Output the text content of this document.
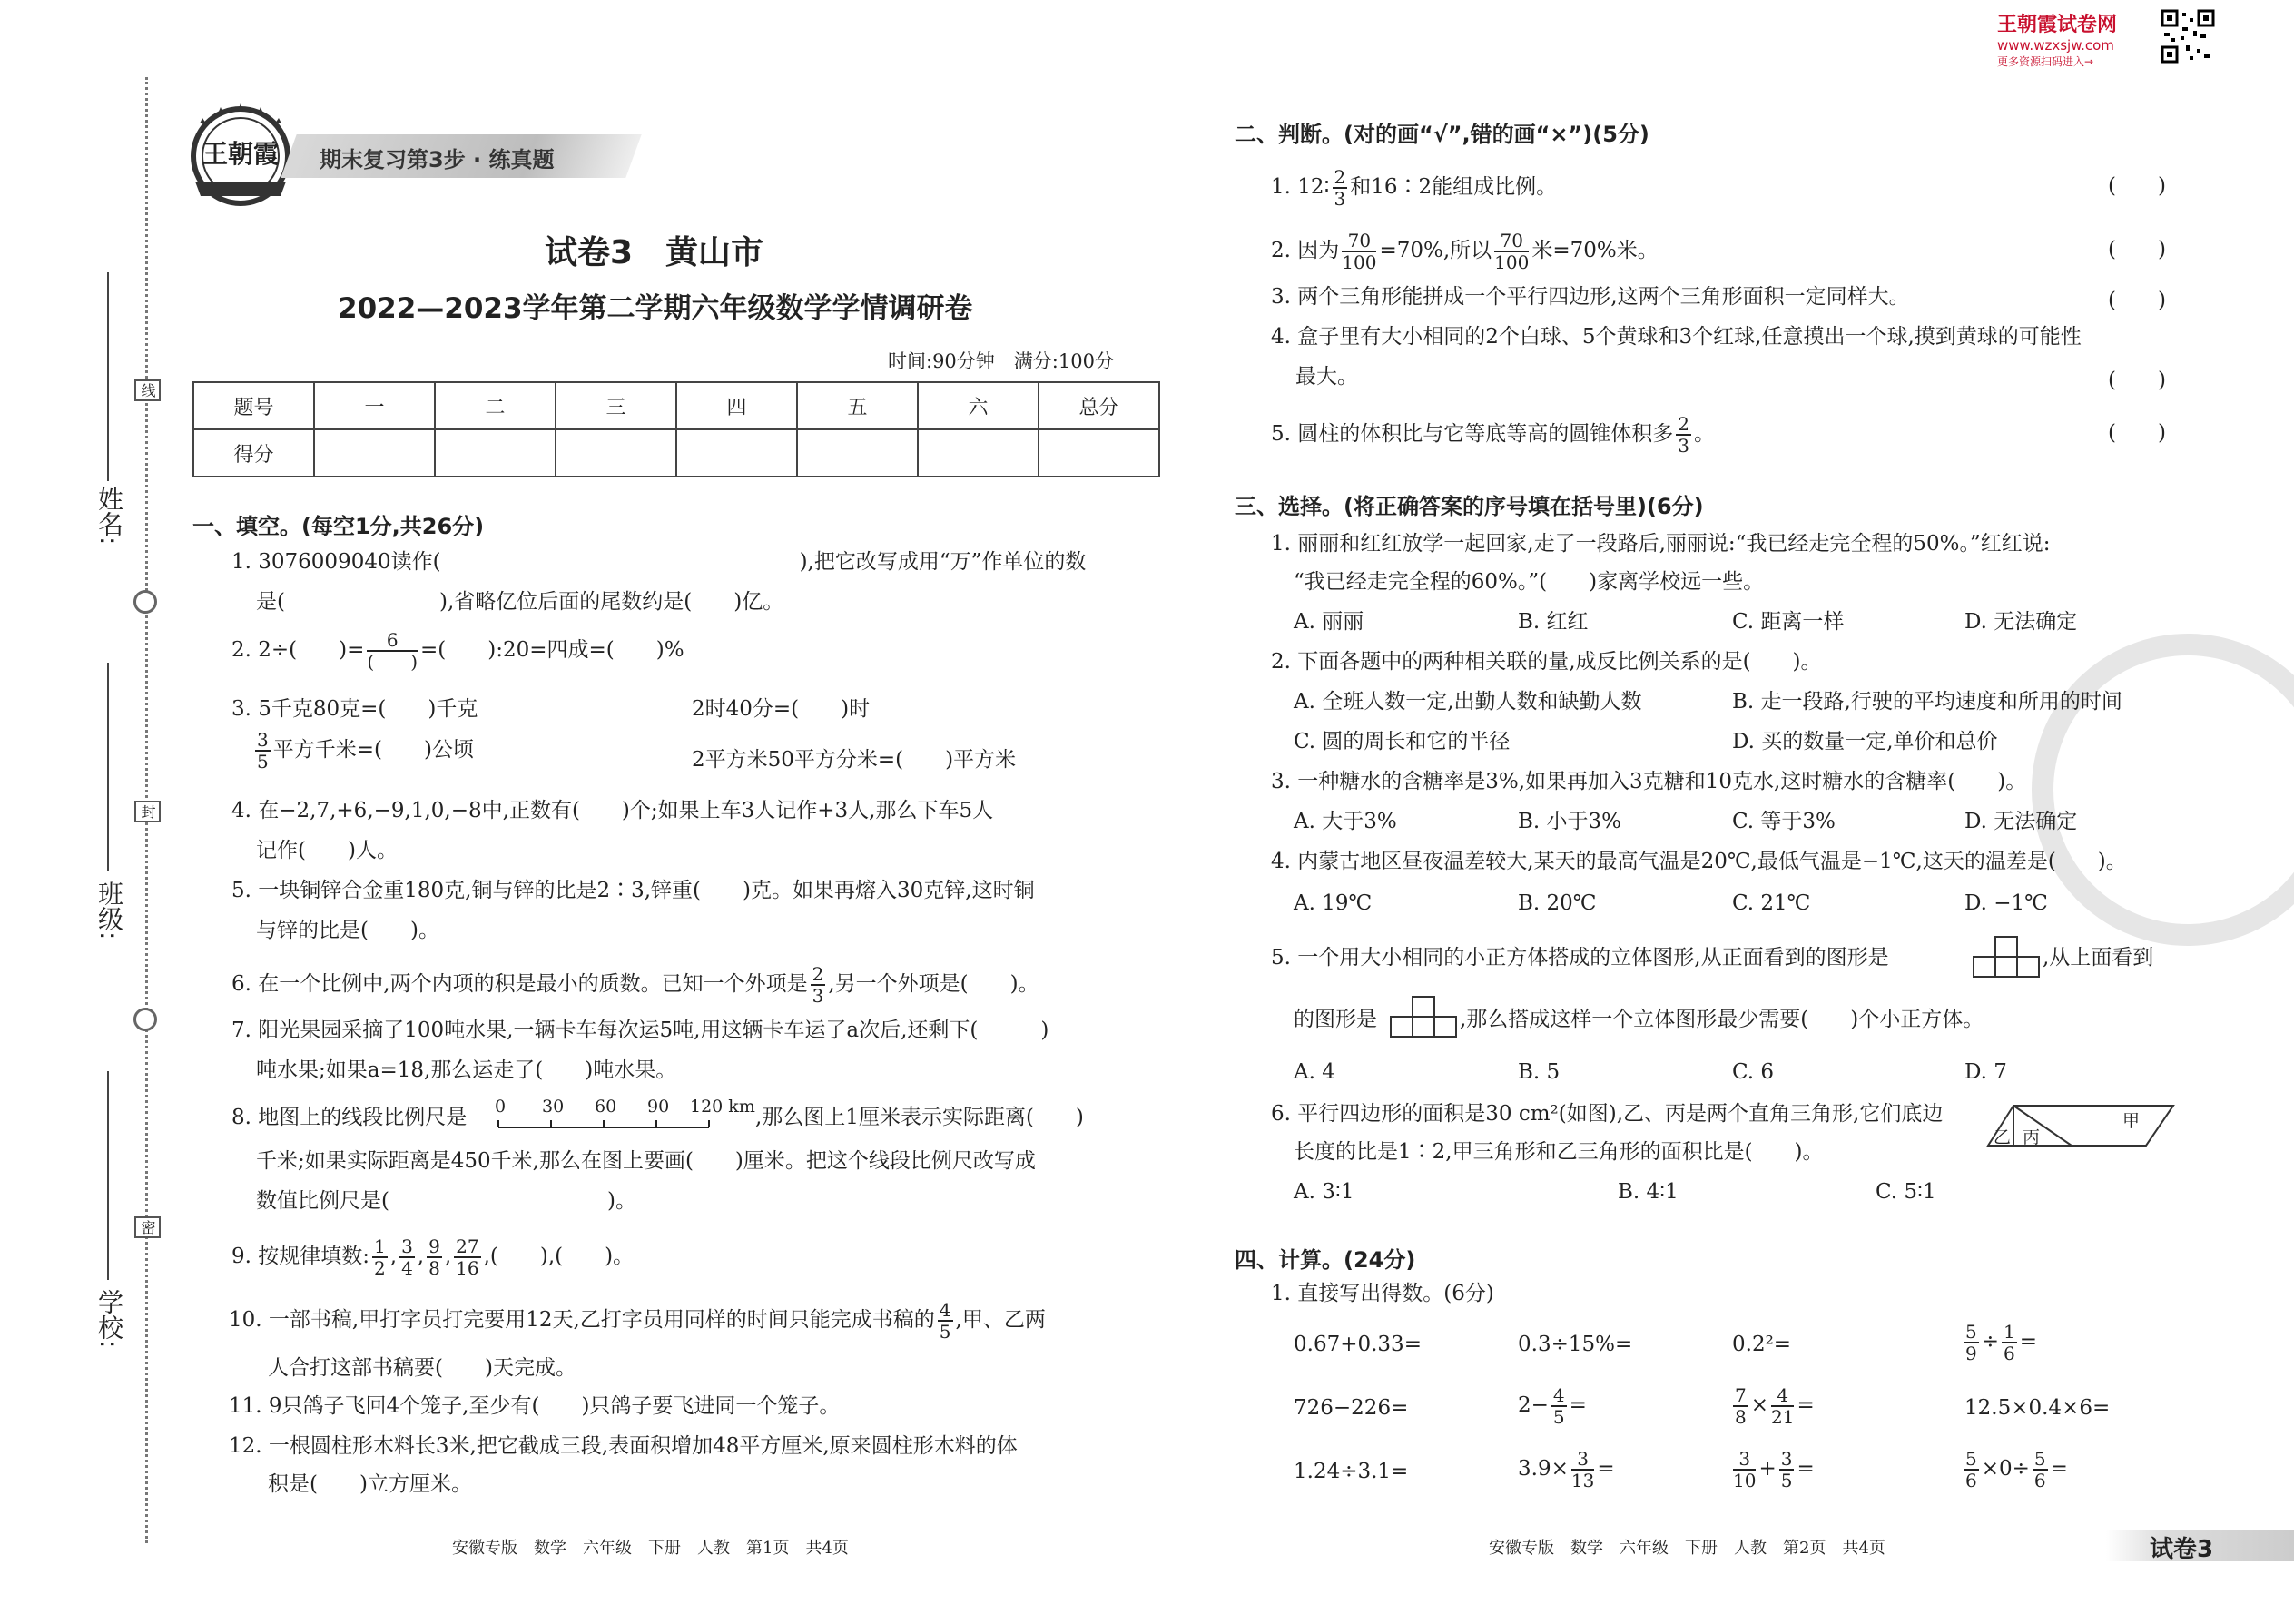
线
封
密
姓名:
班级:
学校:
王朝霞 期末复习第3步 · 练真题
试卷3　黄山市
2022—2023学年第二学期六年级数学学情调研卷
时间:90分钟　满分:100分
题号	一	二	三	四	五	六	总分
得分							
一、填空。(每空1分,共26分)
1. 3076009040读作(	),把它改写成用“万”作单位的数
是(	),省略亿位后面的尾数约是(　　)亿。
2. 2÷(　　)= $\frac{6}{( )}$ =(　　):20=四成=(　　)%
3. 5千克80克=(　　)千克	2时40分=(　　)时
$\frac{3}{5}$ 平方千米=(　　)公顷	2平方米50平方分米=(　　)平方米
4. 在−2,7,+6,−9,1,0,−8中,正数有(　　)个;如果上车3人记作+3人,那么下车5人
记作(　　)人。
5. 一块铜锌合金重180克,铜与锌的比是2∶3,锌重(　　)克。如果再熔入30克锌,这时铜
与锌的比是(　　)。
6. 在一个比例中,两个内项的积是最小的质数。已知一个外项是 $\frac{2}{3}$ ,另一个外项是(　　)。
7. 阳光果园采摘了100吨水果,一辆卡车每次运5吨,用这辆卡车运了a次后,还剩下(　　　)
吨水果;如果a=18,那么运走了(　　)吨水果。
8. 地图上的线段比例尺是 0 30 60 90 120 km ,那么图上1厘米表示实际距离(　　)
千米;如果实际距离是450千米,那么在图上要画(　　)厘米。把这个线段比例尺改写成
数值比例尺是(	)。
9. 按规律填数: $\frac{1}{2}$ , $\frac{3}{4}$ , $\frac{9}{8}$ , $\frac{27}{16}$ ,(　　),(　　)。
10. 一部书稿,甲打字员打完要用12天,乙打字员用同样的时间只能完成书稿的 $\frac{4}{5}$ ,甲、乙两
人合打这部书稿要(　　)天完成。
11. 9只鸽子飞回4个笼子,至少有(　　)只鸽子要飞进同一个笼子。
12. 一根圆柱形木料长3米,把它截成三段,表面积增加48平方厘米,原来圆柱形木料的体
积是(　　)立方厘米。
安徽专版　数学　六年级　下册　人教　第1页　共4页
王朝霞试卷网
www.wzxsjw.com
更多资源扫码进入→
二、判断。(对的画“√”,错的画“×”)(5分)
1. 12∶ $\frac{2}{3}$ 和16∶2能组成比例。	(　　)
2. 因为 $\frac{70}{100} =70\%$,所以 $\frac{70}{100}$ 米=70%米。	(　　)
3. 两个三角形能拼成一个平行四边形,这两个三角形面积一定同样大。	(　　)
4. 盒子里有大小相同的2个白球、5个黄球和3个红球,任意摸出一个球,摸到黄球的可能性
最大。	(　　)
5. 圆柱的体积比与它等底等高的圆锥体积多 $\frac{2}{3}$ 。	(　　)
三、选择。(将正确答案的序号填在括号里)(6分)
1. 丽丽和红红放学一起回家,走了一段路后,丽丽说:“我已经走完全程的50%。”红红说:
“我已经走完全程的60%。”(　　)家离学校远一些。
A. 丽丽	B. 红红	C. 距离一样	D. 无法确定
2. 下面各题中的两种相关联的量,成反比例关系的是(　　)。
A. 全班人数一定,出勤人数和缺勤人数	B. 走一段路,行驶的平均速度和所用的时间
C. 圆的周长和它的半径	D. 买的数量一定,单价和总价
3. 一种糖水的含糖率是3%,如果再加入3克糖和10克水,这时糖水的含糖率(　　)。
A. 大于3%	B. 小于3%	C. 等于3%	D. 无法确定
4. 内蒙古地区昼夜温差较大,某天的最高气温是20℃,最低气温是−1℃,这天的温差是(　　)。
A. 19℃	B. 20℃	C. 21℃	D. −1℃
5. 一个用大小相同的小正方体搭成的立体图形,从正面看到的图形是	,从上面看到
的图形是	,那么搭成这样一个立体图形最少需要(　　)个小正方体。
A. 4	B. 5	C. 6	D. 7
6. 平行四边形的面积是30 cm²(如图),乙、丙是两个直角三角形,它们底边
长度的比是1∶2,甲三角形和乙三角形的面积比是(　　)。
乙 丙
甲
A. 3∶1	B. 4∶1	C. 5∶1
四、计算。(24分)
1. 直接写出得数。(6分)
0.67+0.33=	0.3÷15%=	0.2²=	$\frac{5}{9} \div \frac{1}{6}$ =
726−226=	$2- \frac{4}{5}$ =	$\frac{7}{8} \times \frac{4}{21}$ =	12.5×0.4×6=
1.24÷3.1=	$3.9\times \frac{3}{13}$ =	$\frac{3}{10} + \frac{3}{5}$ =	$\frac{5}{6} \times 0\div \frac{5}{6}$ =
安徽专版　数学　六年级　下册　人教　第2页　共4页	试卷3
